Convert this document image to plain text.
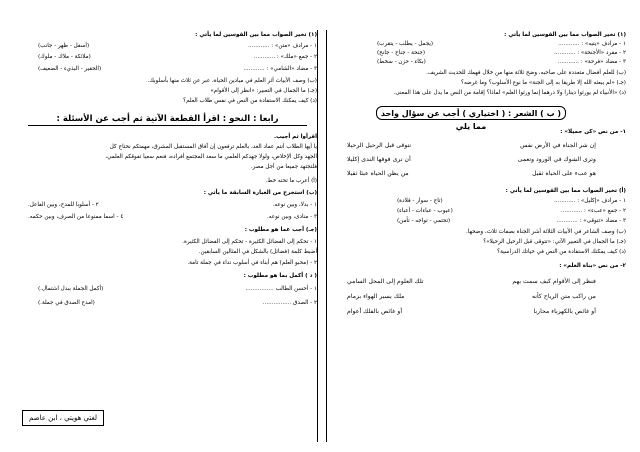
(١) تخير الصواب مما بين القوسين لما يأتي :
١ - مرادف «يتيه» : ............
(يجمل - يطلب - يتقرب)
٢ - مفرد «الأجنحة» : ............
(جنحة - جناح - جانح)
٣ - مضاد «فرحة» : ............
(بكاء - حزن - سخط)
(ب) للعلم أفضال متعددة على صاحبه، وضح ثلاثة منها من خلال فهمك للحديث الشريف.
(جـ) «لم يبعثه الله إلا طريقا به إلى الجنة» ما نوع الأسلوب؟ وما غرضه؟
(د) «الأنبياء لم يورثوا دينارا ولا درهما إنما ورثوا العلم» لماذا؟ إقامة من النص ما يدل على هذا المعنى.
( ب ) الشعر : ( اختياري ) أجب عن سؤال واحد مما يلي
١- من نص «كن جميلا» :
إن شر الجناة في الأرض نفس
تتوقى قبل الرحيل الرحيلا
وترى الشوك في الورود وتعمى
أن ترى فوقها الندى إكليلا
هو عبء على الحياة ثقيل
من يظن الحياة عبئا ثقيلا
(أ) تخير الصواب مما بين القوسين لما يأتي :
١ - مرادف «إكليل» : ............
(تاج - سوار - قلادة)
٢ - جمع «عبء» : ............
(عيوب - عباءات - أعباء)
٣ - مضاد «تتوقى» : ............
(تحتمي - تواجه - تأمن)
(ب) وصف الشاعر في الأبيات الثلاثة أشر الجناة بصفات ثلاث، وضحها.
(جـ) ما الجمال في التعبير الآتي: «تتوقى قبل الرحيل الرحيلا»؟
(د) كيف يمكنك الاستفادة من النص في حياتك الدراسية؟
٢- من نص «بناة العلم» :
فنظر إلى الأقوام كيف سمت بهم
تلك العلوم إلى المحل السامي
من راكب متن الرياح كأنه
ملك يسير الهواء بزمام
أو غائص بالكهرباء محاربا
أو غائص بالفلك أعوام
(١) تخير الصواب مما بين القوسين لما يأتي :
١ - مرادف «متن» : ............
(أسفل - ظهر - جانب)
٢ - جمع «ملك» : ............
(ملائكة - ملاك - ملوك)
٣ - مضاد «الشامي» : ............
(الحقير - البذيء - الضعيف)
(ب) وصف الأبيات أثر العلم في ميادين الحياة، عبر عن ثلاث منها بأسلوبك.
(جـ) ما الجمال في التعبير: «انظر إلى الأقوام»
(د) كيف يمكنك الاستفادة من النص في نفس طلاب العلم؟
رابعا : النحو : اقرأ القطعة الآتية ثم أجب عن الأسئلة :
اقرأوا ثم أجيب.
يا أيها الطلاب أنتم عماد الغد، بالعلم ترفعون إن آفاق المستقبل المشرق، مهمتكم نحتاج كل
الجهد وكل الإخلاص، ولولا جهدكم العلمي ما سعد المجتمع أفراده، فنعم سعيا تفوقكم العلمي،
فلتجتهد جميعا من أجل مصر.
(أ) أعرب ما تحته خط.
(ب) استخرج من العبارة السابقة ما يأتي :
١ - بدلا، وبين نوعه.
٢ - أسلوبا للمدح، وبين الفاعل.
٣ - منادى، وبين نوعه.
٤ - اسما ممنوعا من الصرف، وبين حكمه.
(جـ) أجب عما هو مطلوب :
١ - تحكم إلى الفضائل الكثيرة - تحكم إلى الفضائل الكثيرة.
أضبط كلمة (فضائل) بالشكل في المثالين السابقين.
٢ - (محبو العلم) هم أبناء في أسلوب نداء في جملة تامة.
( د ) أكمل بما هو مطلوب :
١ - أحسن الطالب ................
(أكمل الجملة ببدل اشتمال.)
٢ - الصدق ................
(امدح الصدق في جملة.)
لغتي هويتي ، ابن عاصم
